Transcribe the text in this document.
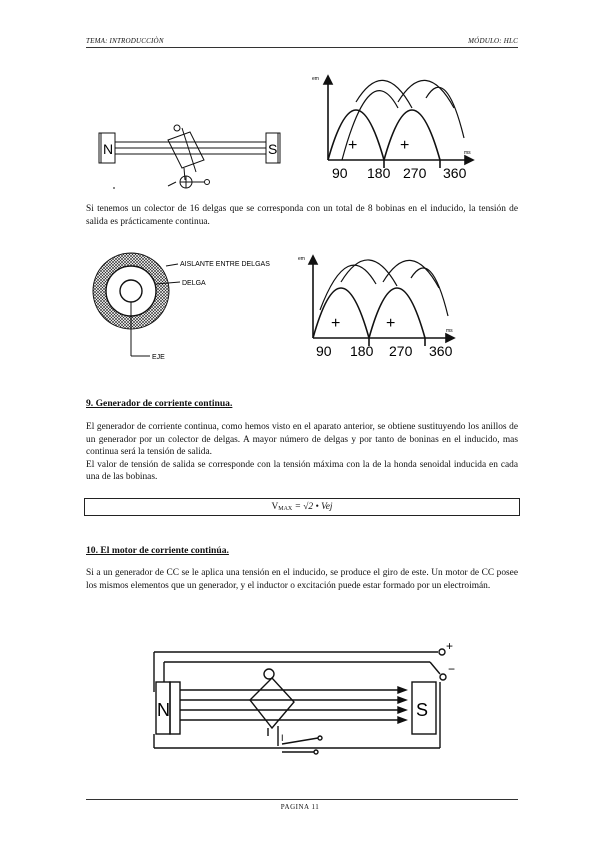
TEMA: INTRODUCCIÒN	MÓDULO: HLC
N	S
em
ms
+	+
90 180 270 360
Si tenemos un colector de 16 delgas que se corresponda con un total de 8 bobinas en el inducido, la tensión de salida es prácticamente continua.
AISLANTE ENTRE DELGAS
DELGA
EJE
em
ms
+	+
90 180 270 360
9. Generador de corriente continua.

El generador de corriente continua, como hemos visto en el aparato anterior, se obtiene sustituyendo los anillos de un generador por un colector de delgas. A mayor número de delgas y por tanto de boninas en el inducido, mas continua será la tensión de salida.

El valor de tensión de salida se corresponde con la tensión máxima con la de la honda senoidal inducida en cada una de las bobinas.

V MAX
= √2 • Vej
10. El motor de corriente continúa.
Si a un generador de CC se le aplica una tensión en el inducido, se produce el giro de este. Un motor de CC posee los mismos elementos que un generador, y el inductor o excitación puede estar formado por un electroimán.
N	S
+
−
I
PAGINA 11
